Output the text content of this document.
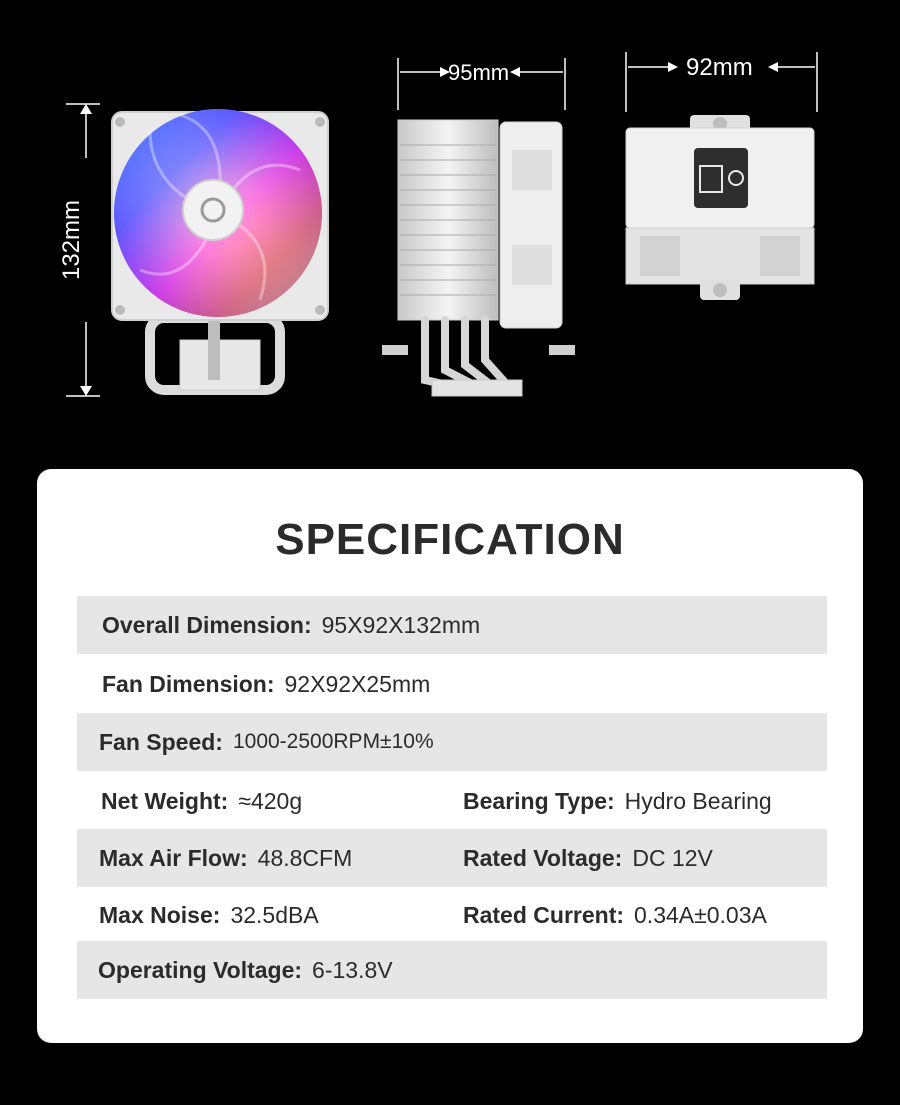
132mm
95mm	92mm
SPECIFICATION
Overall Dimension: 95X92X132mm
Fan Dimension: 92X92X25mm
Fan Speed: 1000-2500RPM±10%
Net Weight: ≈420g	Bearing Type: Hydro Bearing
Max Air Flow: 48.8CFM	Rated Voltage: DC 12V
Max Noise: 32.5dBA	Rated Current: 0.34A±0.03A
Operating Voltage: 6-13.8V
